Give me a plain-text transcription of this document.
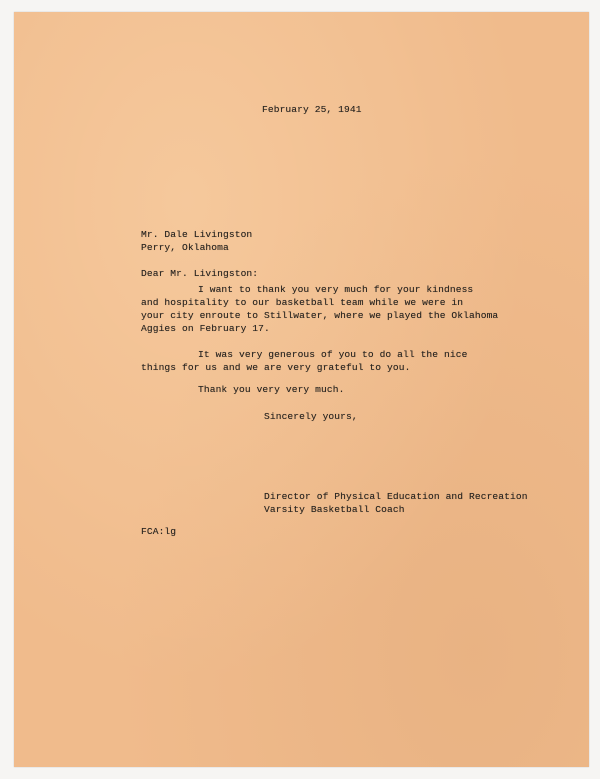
February 25, 1941

Mr. Dale Livingston

Perry, Oklahoma

Dear Mr. Livingston:

I want to thank you very much for your kindness

and hospitality to our basketball team while we were in

your city enroute to Stillwater, where we played the Oklahoma

Aggies on February 17.

It was very generous of you to do all the nice

things for us and we are very grateful to you.

Thank you very very much.

Sincerely yours,

Director of Physical Education and Recreation

Varsity Basketball Coach

FCA:lg
